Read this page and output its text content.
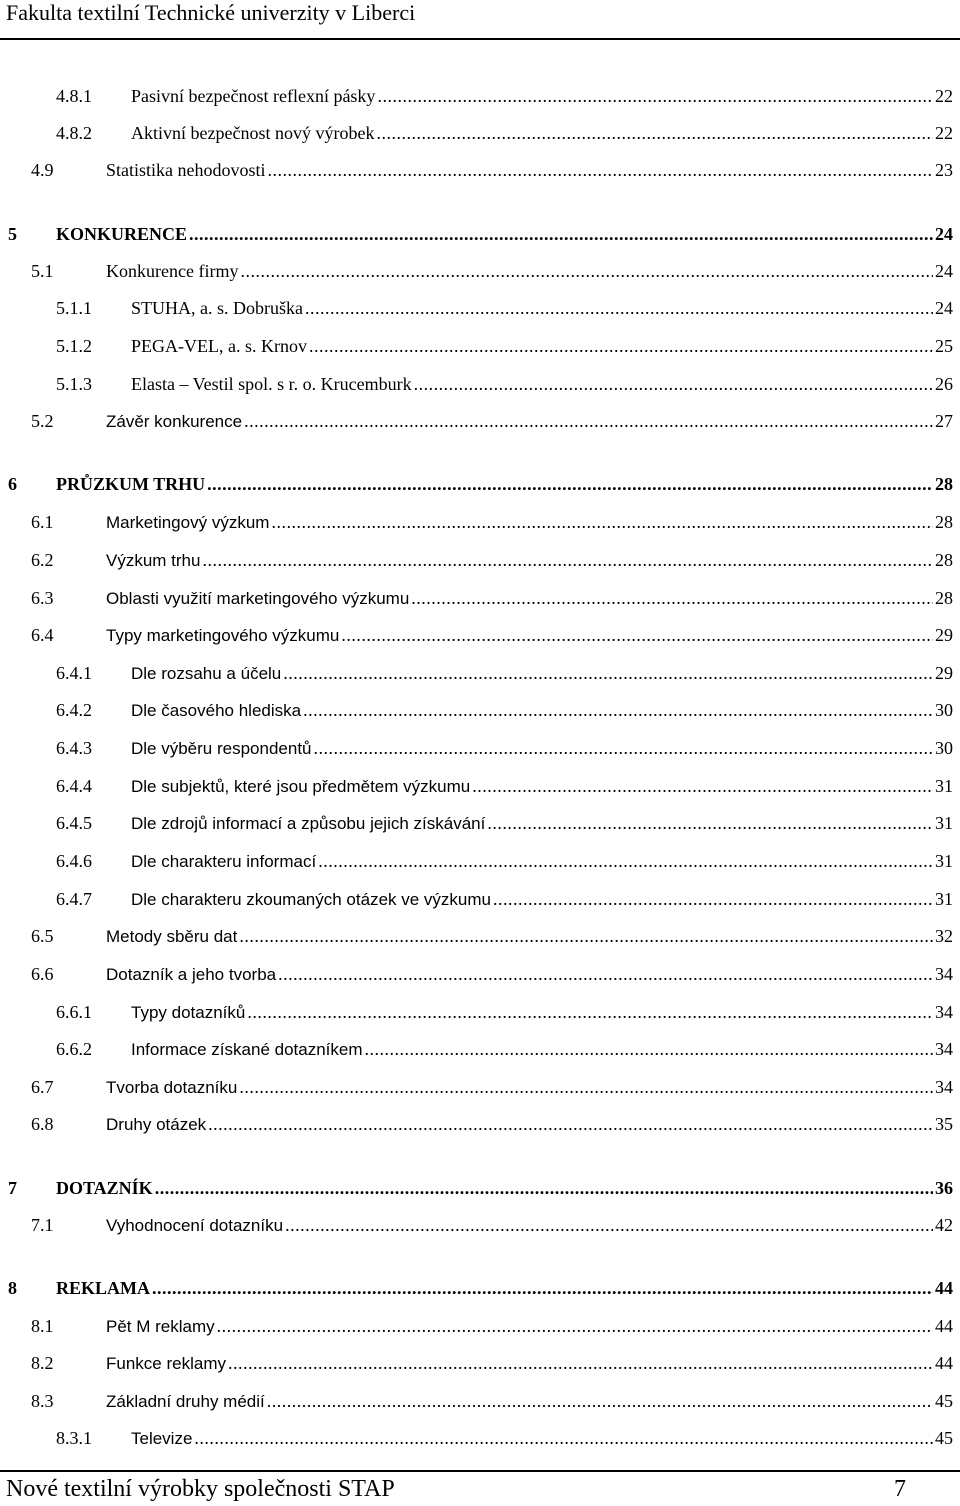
Fakulta textilní Technické univerzity v Liberci
4.8.1 Pasivní bezpečnost reflexní pásky .....	22
4.8.2 Aktivní bezpečnost nový výrobek .....	22
4.9	Statistika nehodovosti .....	23
5 KONKURENCE .....	24
5.1	Konkurence firmy .....	24
5.1.1 STUHA, a. s. Dobruška .....	24
5.1.2 PEGA-VEL, a. s. Krnov .....	25
5.1.3 Elasta – Vestil spol. s r. o. Krucemburk .....	26
5.2	Závěr konkurence .....	27
6 PRŮZKUM TRHU .....	28
6.1	Marketingový výzkum .....	28
6.2	Výzkum trhu .....	28
6.3	Oblasti využití marketingového výzkumu .....	28
6.4	Typy marketingového výzkumu .....	29
6.4.1 Dle rozsahu a účelu .....	29
6.4.2 Dle časového hlediska .....	30
6.4.3 Dle výběru respondentů .....	30
6.4.4 Dle subjektů, které jsou předmětem výzkumu .....	31
6.4.5 Dle zdrojů informací a způsobu jejich získávání .....	31
6.4.6 Dle charakteru informací .....	31
6.4.7 Dle charakteru zkoumaných otázek ve výzkumu .....	31
6.5	Metody sběru dat .....	32
6.6	Dotazník a jeho tvorba .....	34
6.6.1 Typy dotazníků .....	34
6.6.2 Informace získané dotazníkem .....	34
6.7	Tvorba dotazníku .....	34
6.8	Druhy otázek .....	35
7 DOTAZNÍK .....	36
7.1	Vyhodnocení dotazníku .....	42
8 REKLAMA .....	44
8.1	Pět M reklamy .....	44
8.2	Funkce reklamy .....	44
8.3	Základní druhy médií .....	45
8.3.1 Televize .....	45
Nové textilní výrobky společnosti STAP	7
